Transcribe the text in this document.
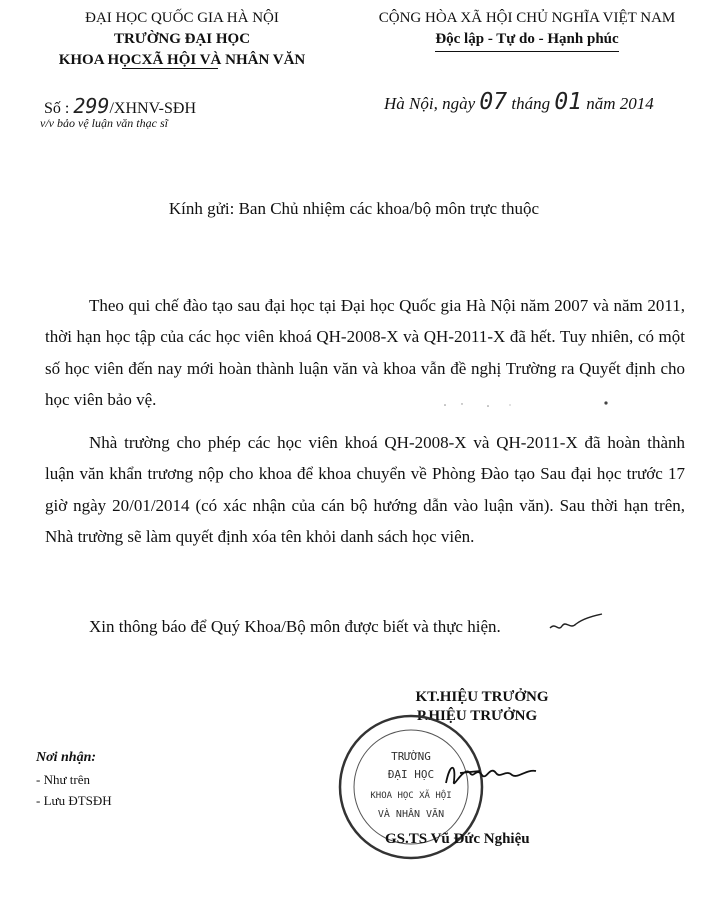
ĐẠI HỌC QUỐC GIA HÀ NỘI
TRƯỜNG ĐẠI HỌC
KHOA HỌCXÃ HỘI VÀ NHÂN VĂN
CỘNG HÒA XÃ HỘI CHỦ NGHĨA VIỆT NAM
Độc lập - Tự do - Hạnh phúc
Số : 299/XHNV-SĐH
v/v bảo vệ luận văn thạc sĩ
Hà Nội, ngày 07 tháng 01 năm 2014
Kính gửi: Ban Chủ nhiệm các khoa/bộ môn trực thuộc
Theo qui chế đào tạo sau đại học tại Đại học Quốc gia Hà Nội năm 2007 và năm 2011, thời hạn học tập của các học viên khoá QH-2008-X và QH-2011-X đã hết. Tuy nhiên, có một số học viên đến nay mới hoàn thành luận văn và khoa vẫn đề nghị Trường ra Quyết định cho học viên bảo vệ.
Nhà trường cho phép các học viên khoá QH-2008-X và QH-2011-X đã hoàn thành luận văn khẩn trương nộp cho khoa để khoa chuyển về Phòng Đào tạo Sau đại học trước 17 giờ ngày 20/01/2014 (có xác nhận của cán bộ hướng dẫn vào luận văn). Sau thời hạn trên, Nhà trường sẽ làm quyết định xóa tên khỏi danh sách học viên.
Xin thông báo để Quý Khoa/Bộ môn được biết và thực hiện.
KT.HIỆU TRƯỞNG
P.HIỆU TRƯỞNG
TRƯỜNG
ĐẠI HỌC
KHOA HỌC XÃ HỘI
VÀ NHÂN VĂN
GS.TS Vũ Đức Nghiệu
Nơi nhận:
- Như trên
- Lưu ĐTSĐH
